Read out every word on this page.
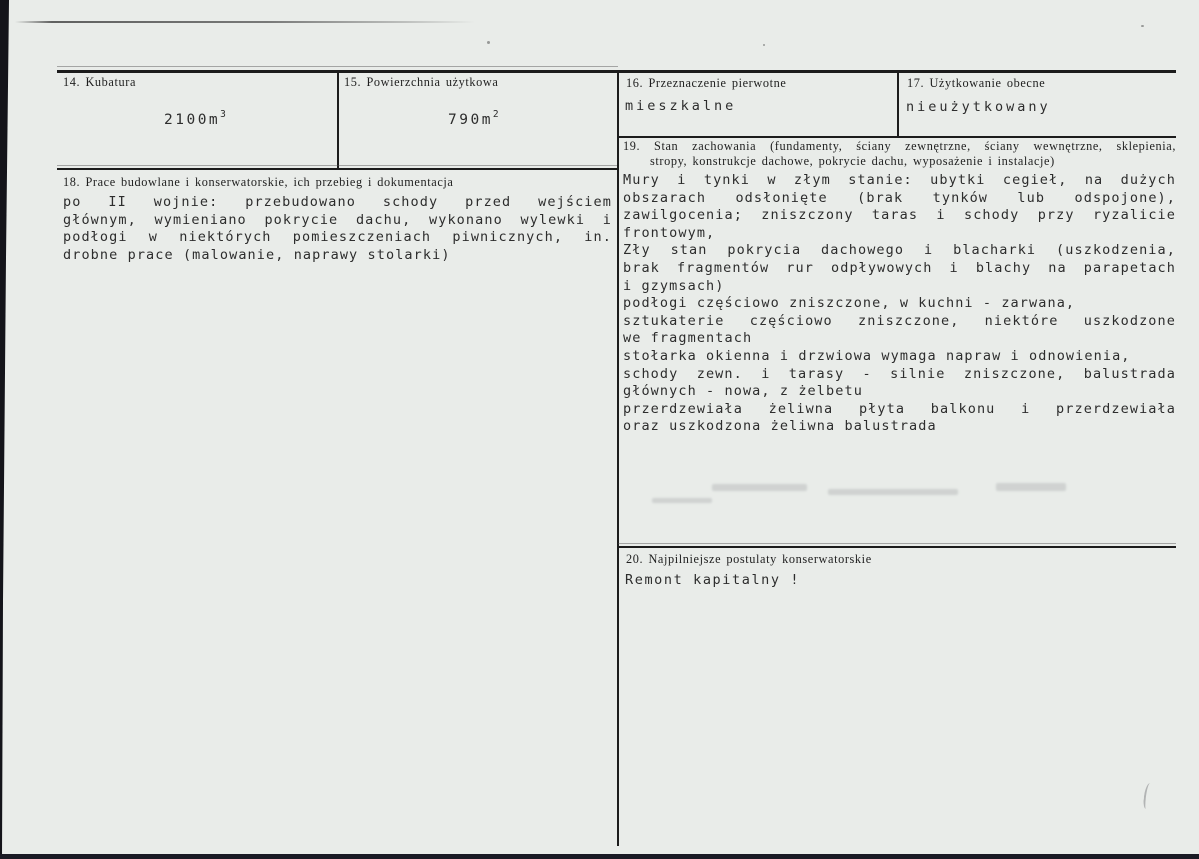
14. Kubatura
$2100m^3$
15. Powierzchnia użytkowa
$790m^2$
16. Przeznaczenie pierwotne
mieszkalne
17. Użytkowanie obecne
nieużytkowany
18. Prace budowlane i konserwatorskie, ich przebieg i dokumentacja
po II wojnie: przebudowano schody przed wejściem
głównym, wymieniano pokrycie dachu, wykonano wylewki i
podłogi w niektórych pomieszczeniach piwnicznych, in.
drobne prace (malowanie, naprawy stolarki)
19. Stan zachowania (fundamenty, ściany zewnętrzne, ściany wewnętrzne, sklepienia,
stropy, konstrukcje dachowe, pokrycie dachu, wyposażenie i instalacje)
Mury i tynki w złym stanie: ubytki cegieł, na dużych
obszarach odsłonięte (brak tynków lub odspojone),
zawilgocenia; zniszczony taras i schody przy ryzalicie
frontowym,
Zły stan pokrycia dachowego i blacharki (uszkodzenia,
brak fragmentów rur odpływowych i blachy na parapetach
i gzymsach)
podłogi częściowo zniszczone, w kuchni - zarwana,
sztukaterie częściowo zniszczone, niektóre uszkodzone
we fragmentach
stołarka okienna i drzwiowa wymaga napraw i odnowienia,
schody zewn. i tarasy - silnie zniszczone, balustrada
głównych - nowa, z żelbetu
przerdzewiała żeliwna płyta balkonu i przerdzewiała
oraz uszkodzona żeliwna balustrada
20. Najpilniejsze postulaty konserwatorskie
Remont kapitalny !
